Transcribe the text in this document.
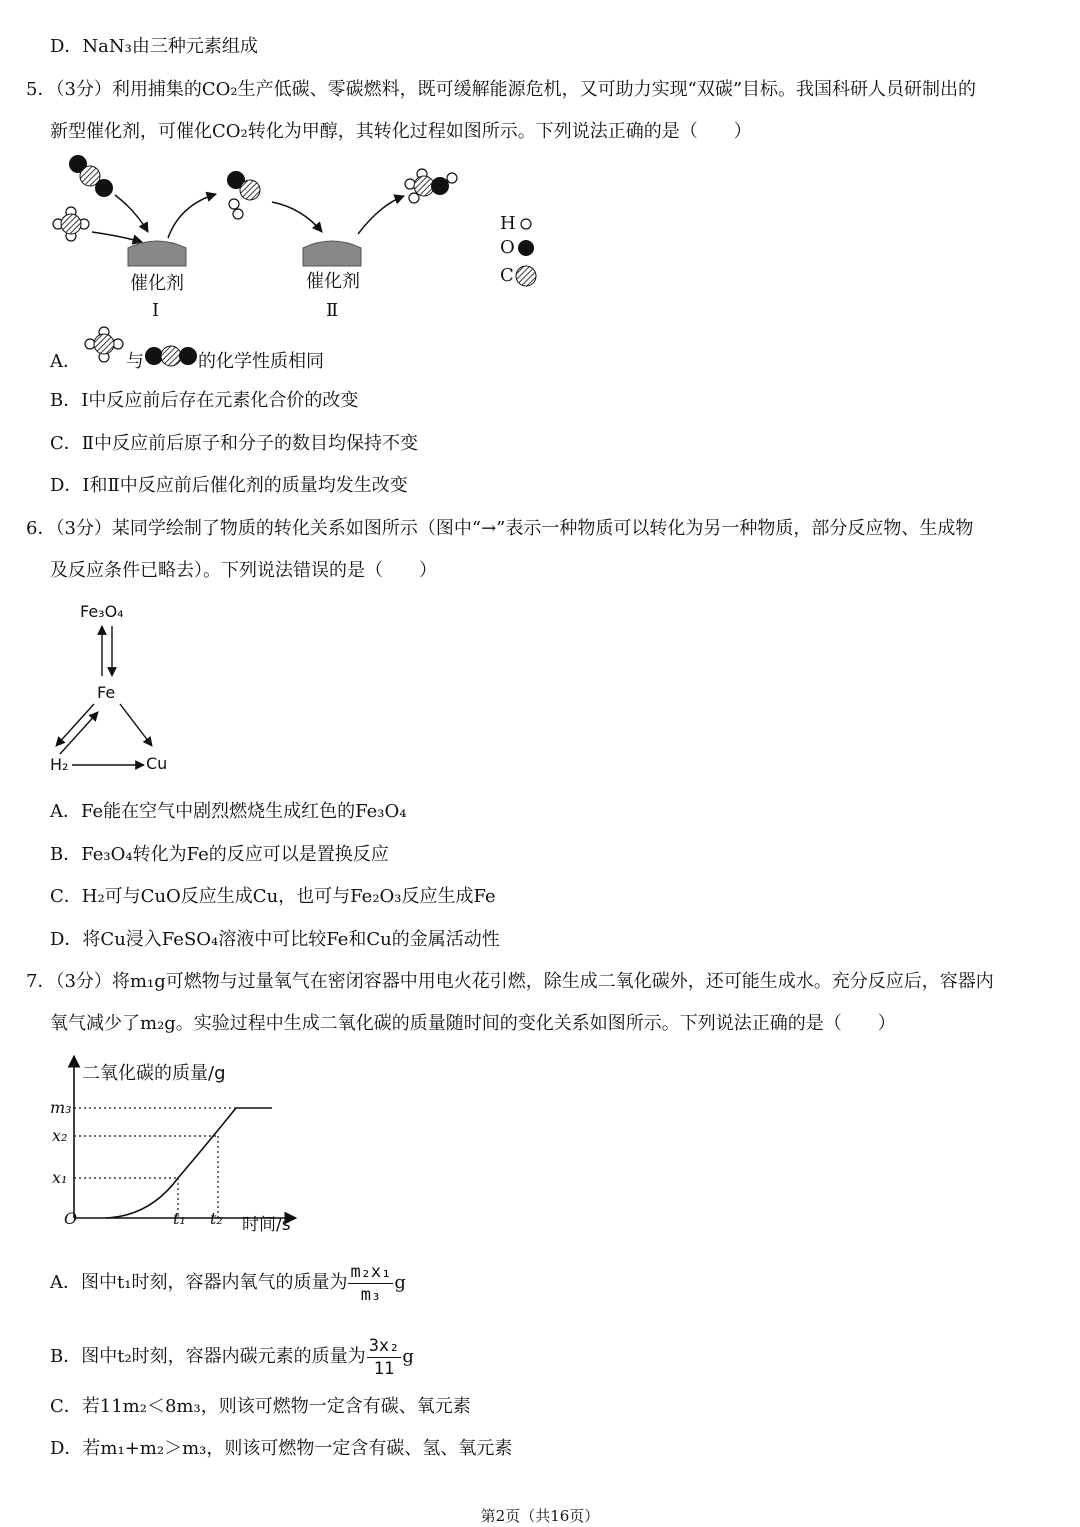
D．NaN₃由三种元素组成
5．（3分）利用捕集的CO₂生产低碳、零碳燃料，既可缓解能源危机，又可助力实现“双碳”目标。我国科研人员研制出的
新型催化剂，可催化CO₂转化为甲醇，其转化过程如图所示。下列说法正确的是（　　）
H
O
C
催化剂	催化剂
Ⅰ	Ⅱ
A．	与	的化学性质相同
B．Ⅰ中反应前后存在元素化合价的改变
C．Ⅱ中反应前后原子和分子的数目均保持不变
D．Ⅰ和Ⅱ中反应前后催化剂的质量均发生改变
6．（3分）某同学绘制了物质的转化关系如图所示（图中“→”表示一种物质可以转化为另一种物质，部分反应物、生成物
及反应条件已略去）。下列说法错误的是（　　）
Fe₃O₄
Fe
H₂	Cu
A．Fe能在空气中剧烈燃烧生成红色的Fe₃O₄
B．Fe₃O₄转化为Fe的反应可以是置换反应
C．H₂可与CuO反应生成Cu，也可与Fe₂O₃反应生成Fe
D．将Cu浸入FeSO₄溶液中可比较Fe和Cu的金属活动性
7．（3分）将m₁g可燃物与过量氧气在密闭容器中用电火花引燃，除生成二氧化碳外，还可能生成水。充分反应后，容器内
氧气减少了m₂g。实验过程中生成二氧化碳的质量随时间的变化关系如图所示。下列说法正确的是（　　）
二氧化碳的质量/g
m₃
x₂
x₁
O	t₁ t₂ 时间/s
A．图中t₁时刻，容器内氧气的质量为 $\frac{\text{m₂x₁}}{\text{m₃}}$ g
B．图中t₂时刻，容器内碳元素的质量为 $\frac{\text{3x₂}}{11}$ g
C．若11m₂＜8m₃，则该可燃物一定含有碳、氧元素
D．若m₁+m₂＞m₃，则该可燃物一定含有碳、氢、氧元素
第2页（共16页）
